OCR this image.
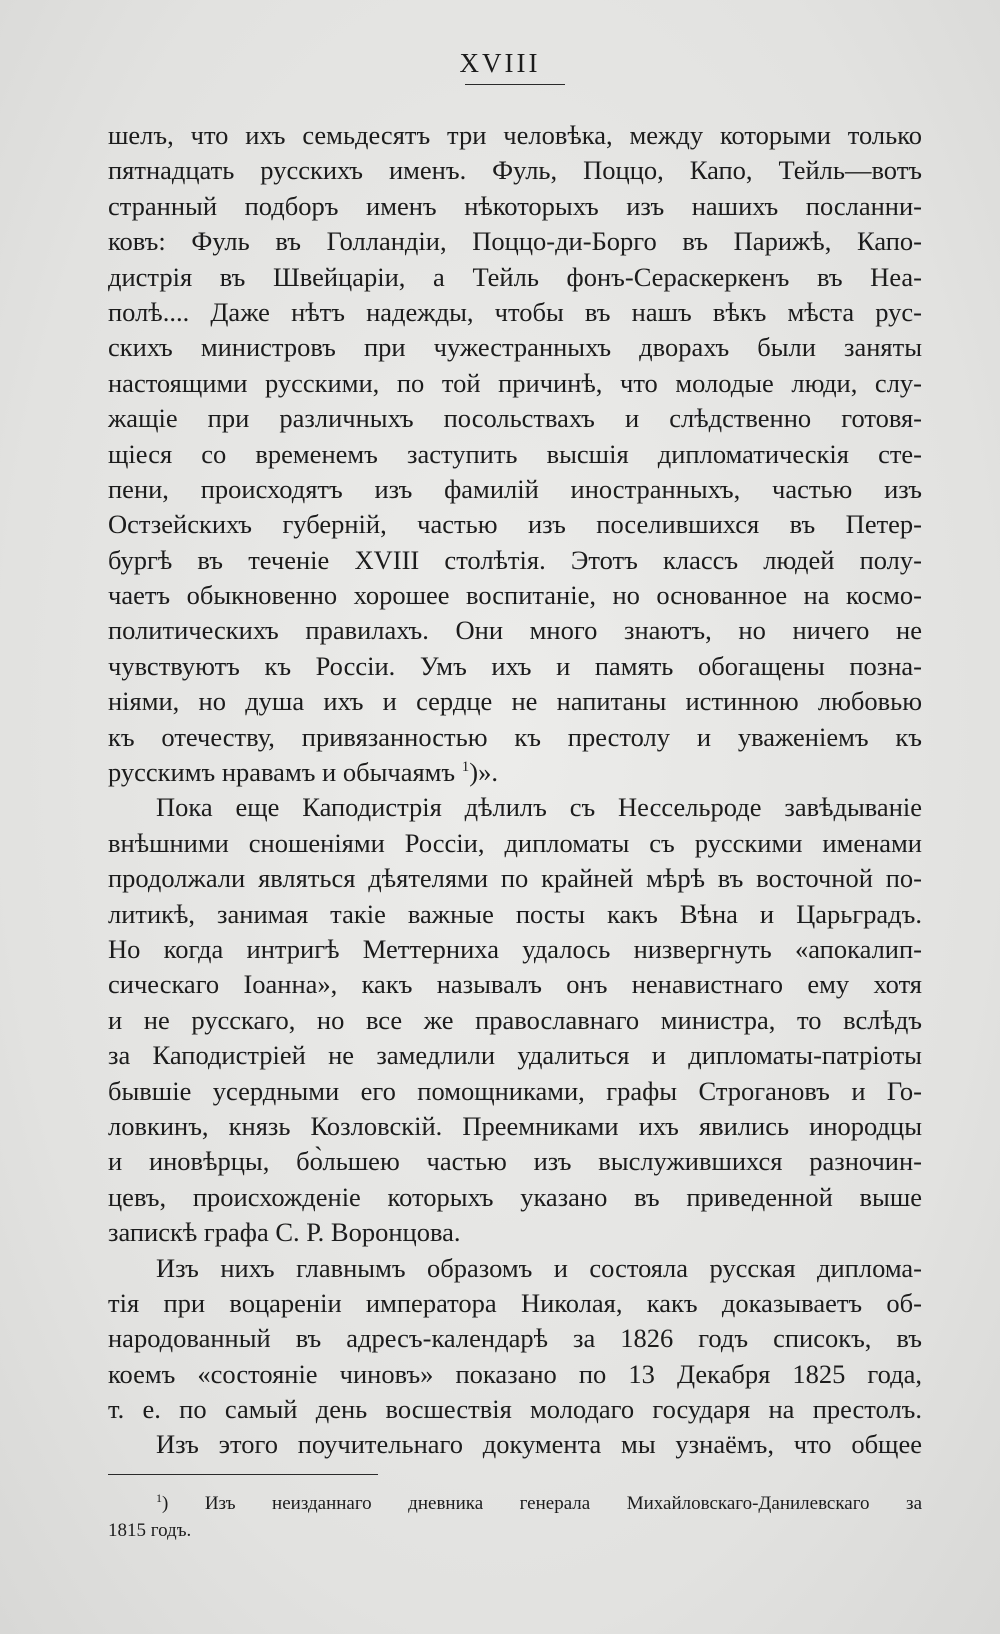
XVIII
шелъ, что ихъ семьдесятъ три человѣка, между которыми только
пятнадцать русскихъ именъ. Фуль, Поццо, Капо, Тейль—вотъ
странный подборъ именъ нѣкоторыхъ изъ нашихъ посланни-
ковъ: Фуль въ Голландіи, Поццо-ди-Борго въ Парижѣ, Капо-
дистрія въ Швейцаріи, а Тейль фонъ-Сераскеркенъ въ Неа-
полѣ.... Даже нѣтъ надежды, чтобы въ нашъ вѣкъ мѣста рус-
скихъ министровъ при чужестранныхъ дворахъ были заняты
настоящими русскими, по той причинѣ, что молодые люди, слу-
жащіе при различныхъ посольствахъ и слѣдственно готовя-
щіеся со временемъ заступить высшія дипломатическія сте-
пени, происходятъ изъ фамилій иностранныхъ, частью изъ
Остзейскихъ губерній, частью изъ поселившихся въ Петер-
бургѣ въ теченіе XVIII столѣтія. Этотъ классъ людей полу-
чаетъ обыкновенно хорошее воспитаніе, но основанное на космо-
политическихъ правилахъ. Они много знаютъ, но ничего не
чувствуютъ къ Россіи. Умъ ихъ и память обогащены позна-
ніями, но душа ихъ и сердце не напитаны истинною любовью
къ отечеству, привязанностью къ престолу и уваженіемъ къ
русскимъ нравамъ и обычаямъ $^1$)».
Пока еще Каподистрія дѣлилъ съ Нессельроде завѣдываніе
внѣшними сношеніями Россіи, дипломаты съ русскими именами
продолжали являться дѣятелями по крайней мѣрѣ въ восточной по-
литикѣ, занимая такіе важные посты какъ Вѣна и Царьградъ.
Но когда интригѣ Меттерниха удалось низвергнуть «апокалип-
сическаго Іоанна», какъ называлъ онъ ненавистнаго ему хотя
и не русскаго, но все же православнаго министра, то вслѣдъ
за Каподистріей не замедлили удалиться и дипломаты-патріоты
бывшіе усердными его помощниками, графы Строгановъ и Го-
ловкинъ, князь Козловскій. Преемниками ихъ явились инородцы
и иновѣрцы, бо̀льшею частью изъ выслужившихся разночин-
цевъ, происхожденіе которыхъ указано въ приведенной выше
запискѣ графа С. Р. Воронцова.
Изъ нихъ главнымъ образомъ и состояла русская диплома-
тія при воцареніи императора Николая, какъ доказываетъ об-
народованный въ адресъ-календарѣ за 1826 годъ списокъ, въ
коемъ «состояніе чиновъ» показано по 13 Декабря 1825 года,
т. е. по самый день восшествія молодаго государя на престолъ.
Изъ этого поучительнаго документа мы узнаёмъ, что общее
$^1$) Изъ неизданнаго дневника генерала Михайловскаго-Данилевскаго за
1815 годъ.
